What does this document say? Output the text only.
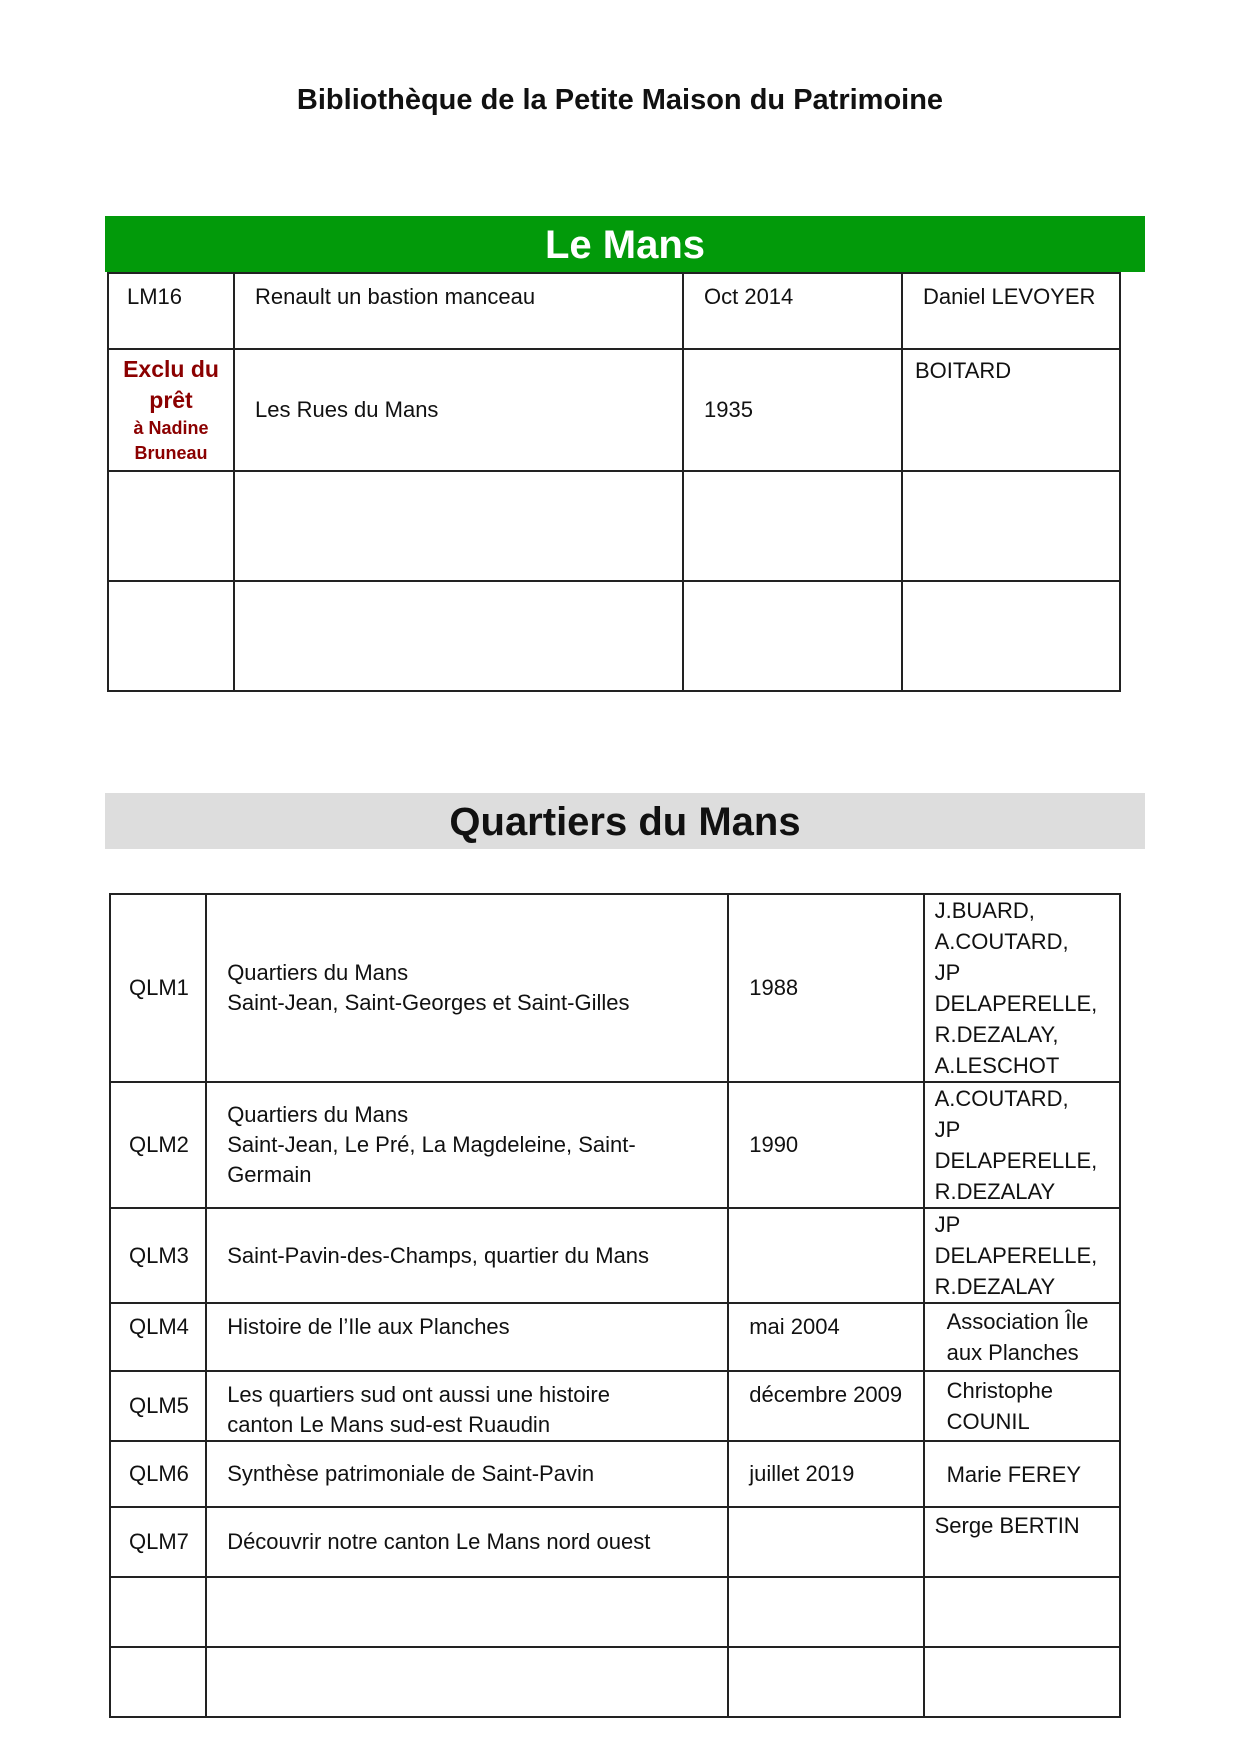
Bibliothèque de la Petite Maison du Patrimoine
Le Mans
LM16	Renault un bastion manceau	Oct 2014	Daniel LEVOYER

Exclu du
prêt
à Nadine
Bruneau	Les Rues du Mans	1935	BOITARD

Quartiers du Mans
QLM1	Quartiers du Mans
Saint-Jean, Saint-Georges et Saint-Gilles	1988	J.BUARD,
A.COUTARD,
JP DELAPERELLE,
R.DEZALAY,
A.LESCHOT

QLM2	Quartiers du Mans
Saint-Jean, Le Pré, La Magdeleine, Saint-
Germain	1990	A.COUTARD,
JP DELAPERELLE,
R.DEZALAY

QLM3	Saint-Pavin-des-Champs, quartier du Mans		JP DELAPERELLE,
R.DEZALAY

QLM4	Histoire de l’Ile aux Planches	mai 2004	Association Île
aux Planches

QLM5	Les quartiers sud ont aussi une histoire
canton Le Mans sud-est Ruaudin	décembre 2009	Christophe
COUNIL

QLM6	Synthèse patrimoniale de Saint-Pavin	juillet 2019	Marie FEREY

QLM7	Découvrir notre canton Le Mans nord ouest		Serge BERTIN
